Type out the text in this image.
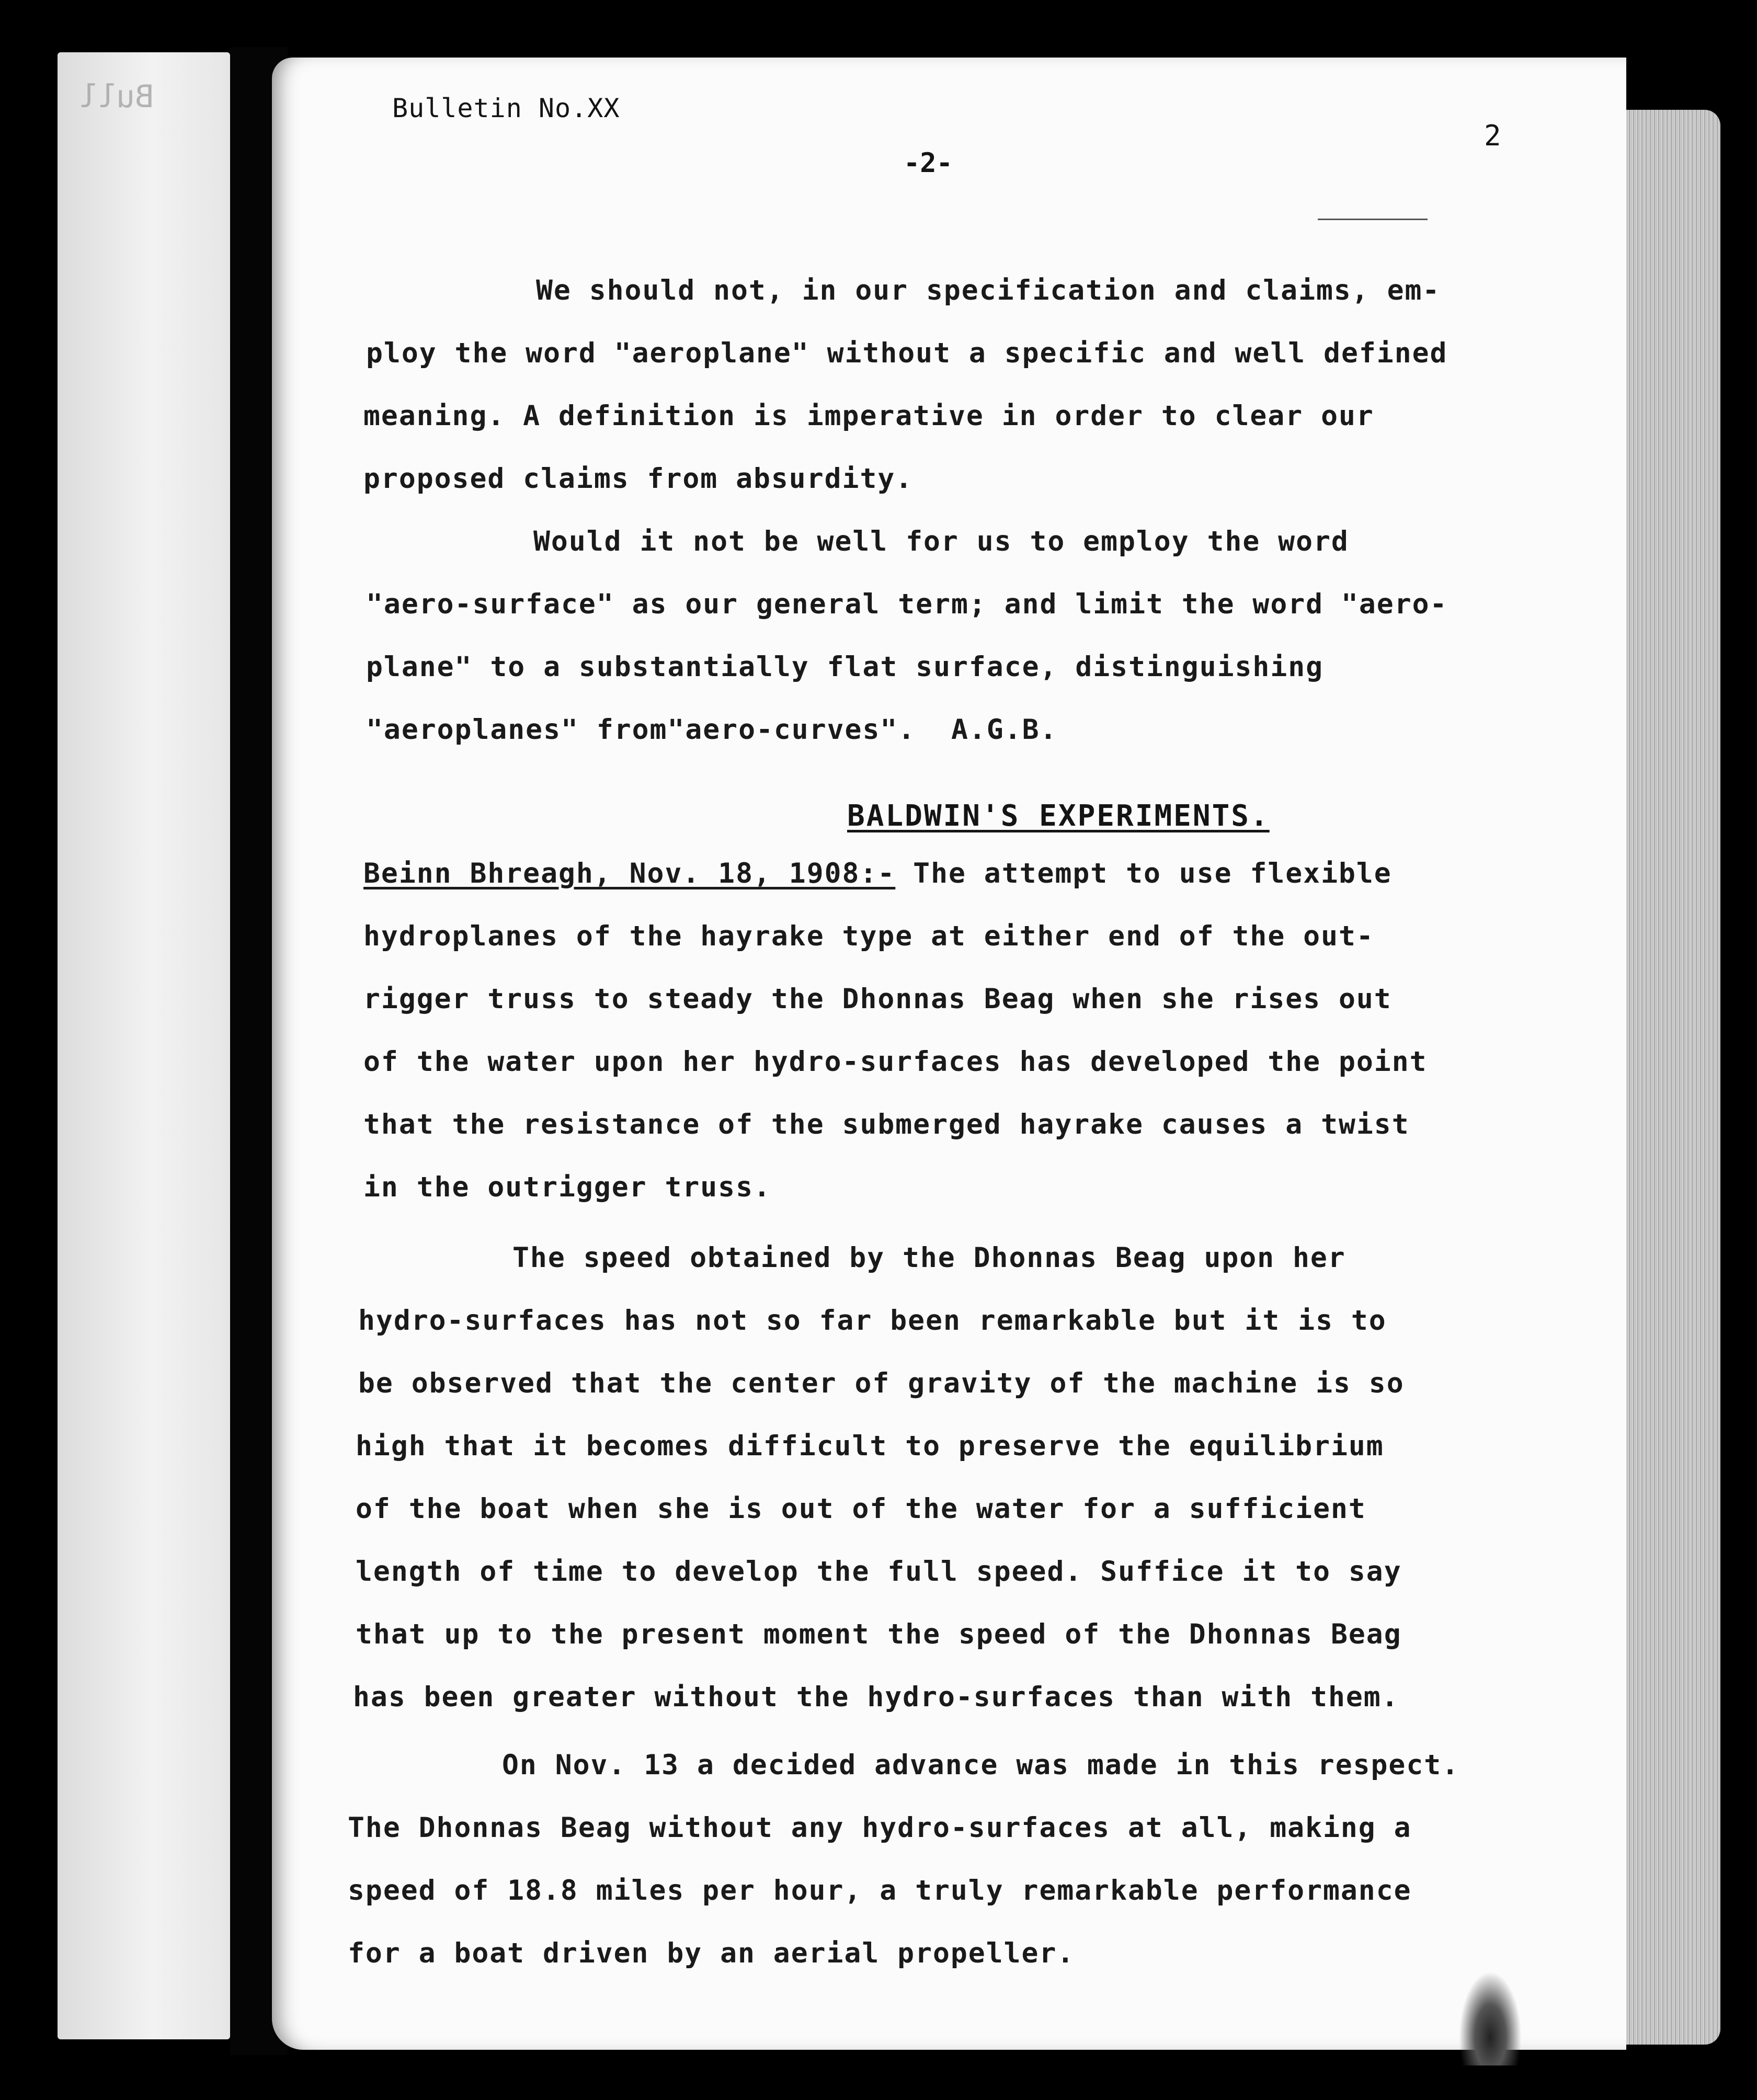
Bull	Bulletin No.XX
2
-2-
We should not, in our specification and claims, em-
ploy the word "aeroplane" without a specific and well defined
meaning. A definition is imperative in order to clear our
proposed claims from absurdity.
Would it not be well for us to employ the word
"aero-surface" as our general term; and limit the word "aero-
plane" to a substantially flat surface, distinguishing
"aeroplanes" from"aero-curves".  A.G.B.
BALDWIN'S EXPERIMENTS.
Beinn Bhreagh, Nov. 18, 1908:- The attempt to use flexible
hydroplanes of the hayrake type at either end of the out-
rigger truss to steady the Dhonnas Beag when she rises out
of the water upon her hydro-surfaces has developed the point
that the resistance of the submerged hayrake causes a twist
in the outrigger truss.
The speed obtained by the Dhonnas Beag upon her
hydro-surfaces has not so far been remarkable but it is to
be observed that the center of gravity of the machine is so
high that it becomes difficult to preserve the equilibrium
of the boat when she is out of the water for a sufficient
length of time to develop the full speed. Suffice it to say
that up to the present moment the speed of the Dhonnas Beag
has been greater without the hydro-surfaces than with them.
On Nov. 13 a decided advance was made in this respect.
The Dhonnas Beag without any hydro-surfaces at all, making a
speed of 18.8 miles per hour, a truly remarkable performance
for a boat driven by an aerial propeller.
